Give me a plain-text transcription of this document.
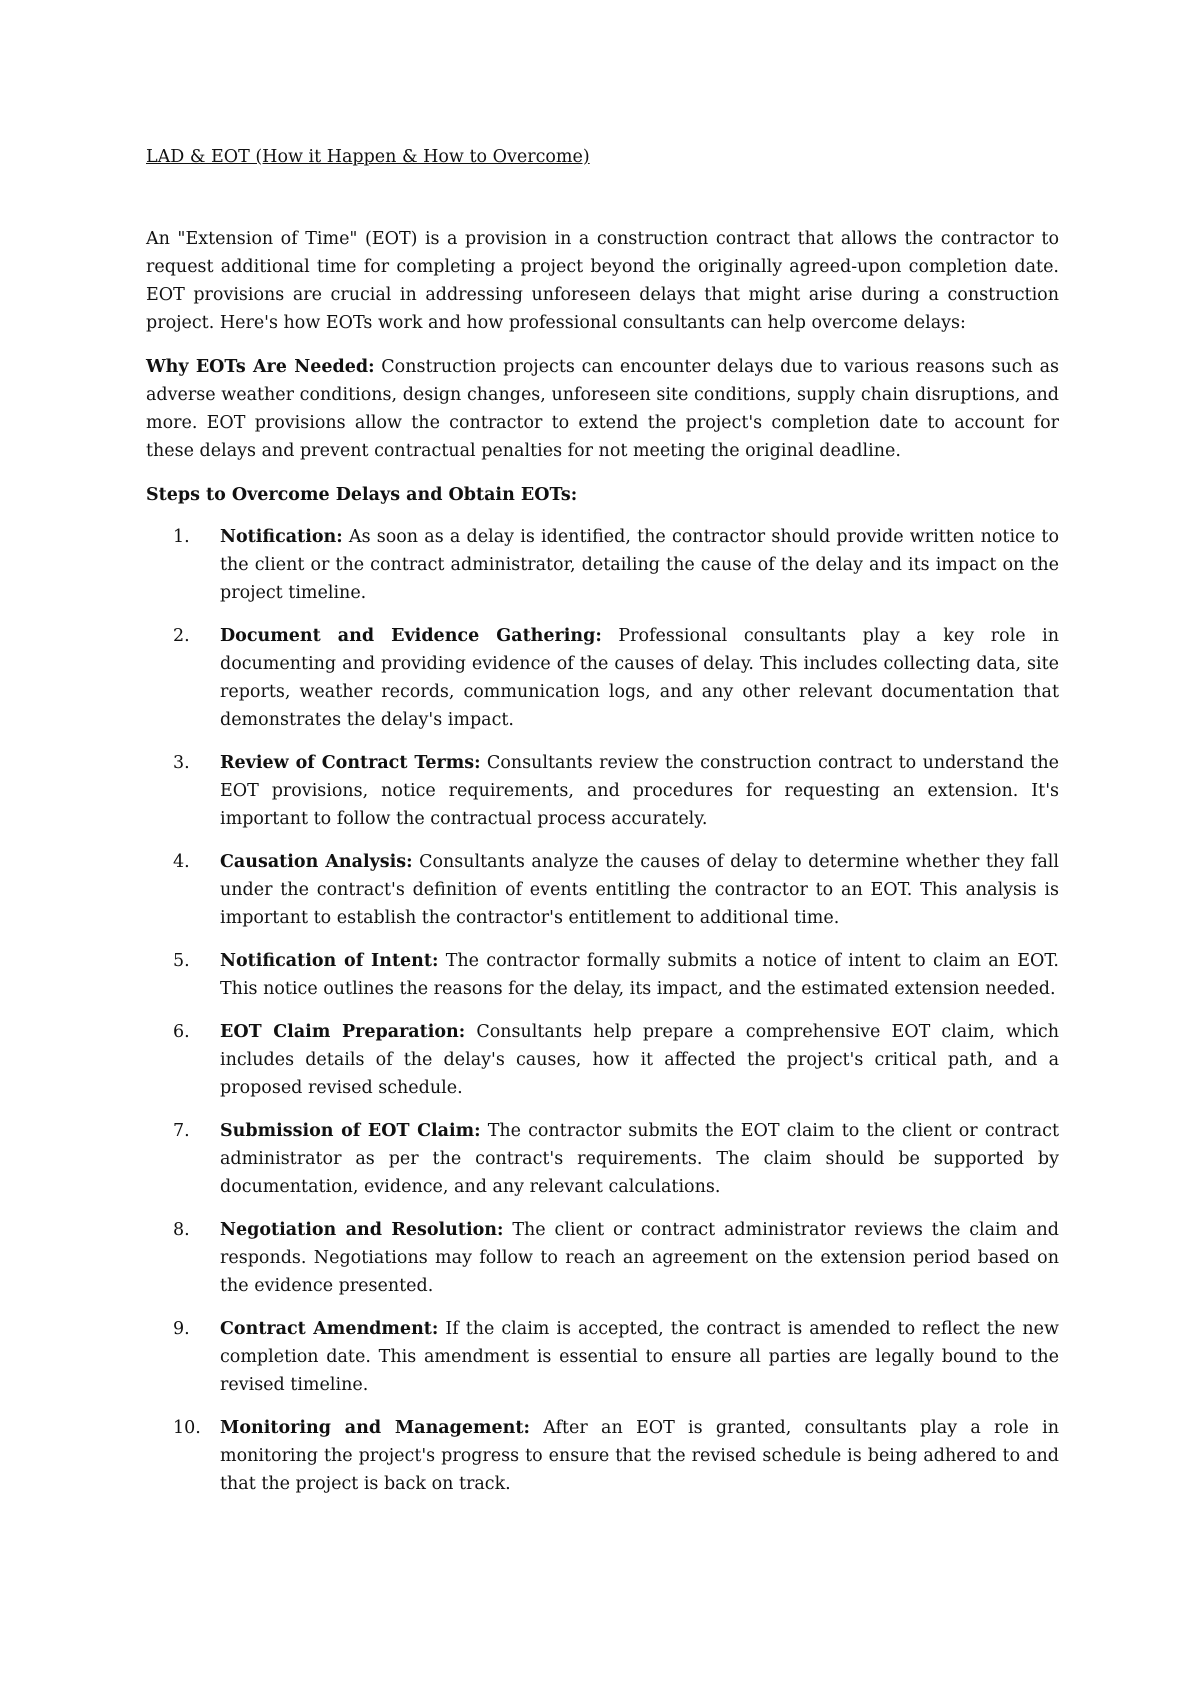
LAD & EOT (How it Happen & How to Overcome)

An "Extension of Time" (EOT) is a provision in a construction contract that allows the contractor to request additional time for completing a project beyond the originally agreed-upon completion date. EOT provisions are crucial in addressing unforeseen delays that might arise during a construction project. Here's how EOTs work and how professional consultants can help overcome delays:

Why EOTs Are Needed: Construction projects can encounter delays due to various reasons such as adverse weather conditions, design changes, unforeseen site conditions, supply chain disruptions, and more. EOT provisions allow the contractor to extend the project's completion date to account for these delays and prevent contractual penalties for not meeting the original deadline.

Steps to Overcome Delays and Obtain EOTs:

1.	Notification: As soon as a delay is identified, the contractor should provide written notice to the client or the contract administrator, detailing the cause of the delay and its impact on the project timeline.
2.	Document and Evidence Gathering: Professional consultants play a key role in documenting and providing evidence of the causes of delay. This includes collecting data, site reports, weather records, communication logs, and any other relevant documentation that demonstrates the delay's impact.
3.	Review of Contract Terms: Consultants review the construction contract to understand the EOT provisions, notice requirements, and procedures for requesting an extension. It's important to follow the contractual process accurately.
4.	Causation Analysis: Consultants analyze the causes of delay to determine whether they fall under the contract's definition of events entitling the contractor to an EOT. This analysis is important to establish the contractor's entitlement to additional time.
5.	Notification of Intent: The contractor formally submits a notice of intent to claim an EOT. This notice outlines the reasons for the delay, its impact, and the estimated extension needed.
6.	EOT Claim Preparation: Consultants help prepare a comprehensive EOT claim, which includes details of the delay's causes, how it affected the project's critical path, and a proposed revised schedule.
7.	Submission of EOT Claim: The contractor submits the EOT claim to the client or contract administrator as per the contract's requirements. The claim should be supported by documentation, evidence, and any relevant calculations.
8.	Negotiation and Resolution: The client or contract administrator reviews the claim and responds. Negotiations may follow to reach an agreement on the extension period based on the evidence presented.
9.	Contract Amendment: If the claim is accepted, the contract is amended to reflect the new completion date. This amendment is essential to ensure all parties are legally bound to the revised timeline.
10.	Monitoring and Management: After an EOT is granted, consultants play a role in monitoring the project's progress to ensure that the revised schedule is being adhered to and that the project is back on track.
